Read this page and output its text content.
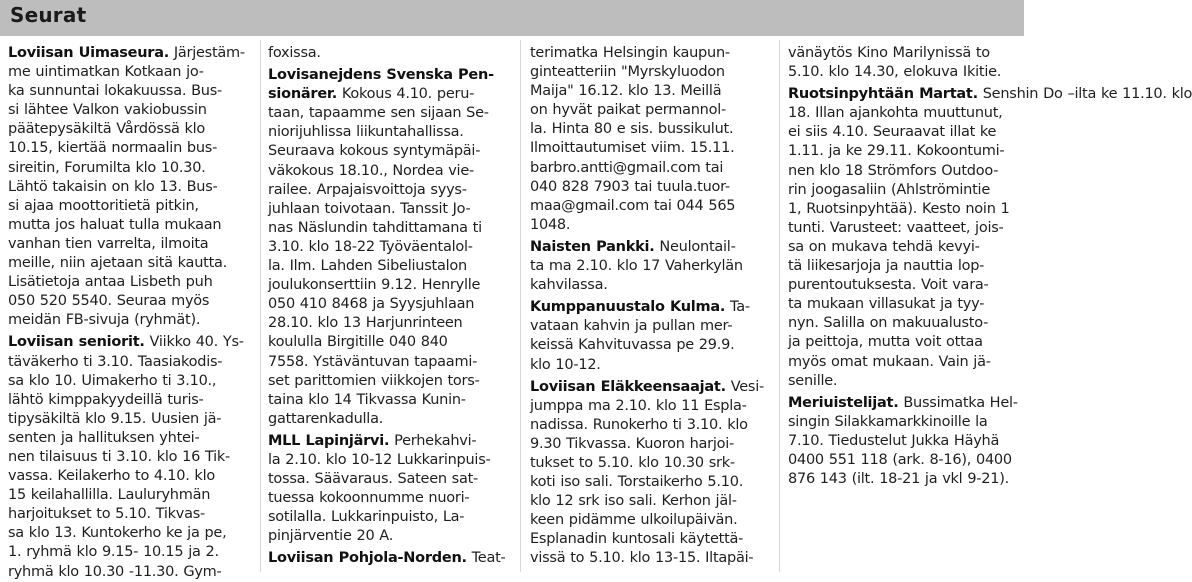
Seurat
Loviisan Uimaseura. Järjestäm-
me uintimatkan Kotkaan jo-
ka sunnuntai lokakuussa. Bus-
si lähtee Valkon vakiobussin
päätepysäkiltä Vårdössä klo
10.15, kiertää normaalin bus-
sireitin, Forumilta klo 10.30.
Lähtö takaisin on klo 13. Bus-
si ajaa moottoritietä pitkin,
mutta jos haluat tulla mukaan
vanhan tien varrelta, ilmoita
meille, niin ajetaan sitä kautta.
Lisätietoja antaa Lisbeth puh
050 520 5540. Seuraa myös
meidän FB-sivuja (ryhmät).
Loviisan seniorit. Viikko 40. Ys-
täväkerho ti 3.10. Taasiakodis-
sa klo 10. Uimakerho ti 3.10.,
lähtö kimppakyydeillä turis-
tipysäkiltä klo 9.15. Uusien jä-
senten ja hallituksen yhtei-
nen tilaisuus ti 3.10. klo 16 Tik-
vassa. Keilakerho to 4.10. klo
15 keilahallilla. Lauluryhmän
harjoitukset to 5.10. Tikvas-
sa klo 13. Kuntokerho ke ja pe,
1. ryhmä klo 9.15- 10.15 ja 2.
ryhmä klo 10.30 -11.30. Gym-
foxissa.
Lovisanejdens Svenska Pen-
sionärer. Kokous 4.10. peru-
taan, tapaamme sen sijaan Se-
niorijuhlissa liikuntahallissa.
Seuraava kokous syntymäpäi-
väkokous 18.10., Nordea vie-
railee. Arpajaisvoittoja syys-
juhlaan toivotaan. Tanssit Jo-
nas Näslundin tahdittamana ti
3.10. klo 18-22 Työväentalol-
la. Ilm. Lahden Sibeliustalon
joulukonserttiin 9.12. Henrylle
050 410 8468 ja Syysjuhlaan
28.10. klo 13 Harjunrinteen
koululla Birgitille 040 840
7558. Ystäväntuvan tapaami-
set parittomien viikkojen tors-
taina klo 14 Tikvassa Kunin-
gattarenkadulla.
MLL Lapinjärvi. Perhekahvi-
la 2.10. klo 10-12 Lukkarinpuis-
tossa. Säävaraus. Sateen sat-
tuessa kokoonnumme nuori-
sotilalla. Lukkarinpuisto, La-
pinjärventie 20 A.
Loviisan Pohjola-Norden. Teat-
terimatka Helsingin kaupun-
ginteatteriin "Myrskyluodon
Maija" 16.12. klo 13. Meillä
on hyvät paikat permannol-
la. Hinta 80 e sis. bussikulut.
Ilmoittautumiset viim. 15.11.
barbro.antti@gmail.com tai
040 828 7903 tai tuula.tuor-
maa@gmail.com tai 044 565
1048.
Naisten Pankki. Neulontail-
ta ma 2.10. klo 17 Vaherkylän
kahvilassa.
Kumppanuustalo Kulma. Ta-
vataan kahvin ja pullan mer-
keissä Kahvituvassa pe 29.9.
klo 10-12.
Loviisan Eläkkeensaajat. Vesi-
jumppa ma 2.10. klo 11 Espla-
nadissa. Runokerho ti 3.10. klo
9.30 Tikvassa. Kuoron harjoi-
tukset to 5.10. klo 10.30 srk-
koti iso sali. Torstaikerho 5.10.
klo 12 srk iso sali. Kerhon jäl-
keen pidämme ulkoilupäivän.
Esplanadin kuntosali käytettä-
vissä to 5.10. klo 13-15. Iltapäi-
vänäytös Kino Marilynissä to
5.10. klo 14.30, elokuva Ikitie.
Ruotsinpyhtään Martat. Senshin Do –ilta ke 11.10. klo
18. Illan ajankohta muuttunut,
ei siis 4.10. Seuraavat illat ke
1.11. ja ke 29.11. Kokoontumi-
nen klo 18 Strömfors Outdoo-
rin joogasaliin (Ahlströmintie
1, Ruotsinpyhtää). Kesto noin 1
tunti. Varusteet: vaatteet, jois-
sa on mukava tehdä kevyi-
tä liikesarjoja ja nauttia lop-
purentoutuksesta. Voit vara-
ta mukaan villasukat ja tyy-
nyn. Salilla on makuualusto-
ja peittoja, mutta voit ottaa
myös omat mukaan. Vain jä-
senille.
Meriuistelijat. Bussimatka Hel-
singin Silakkamarkkinoille la
7.10. Tiedustelut Jukka Häyhä
0400 551 118 (ark. 8-16), 0400
876 143 (ilt. 18-21 ja vkl 9-21).
